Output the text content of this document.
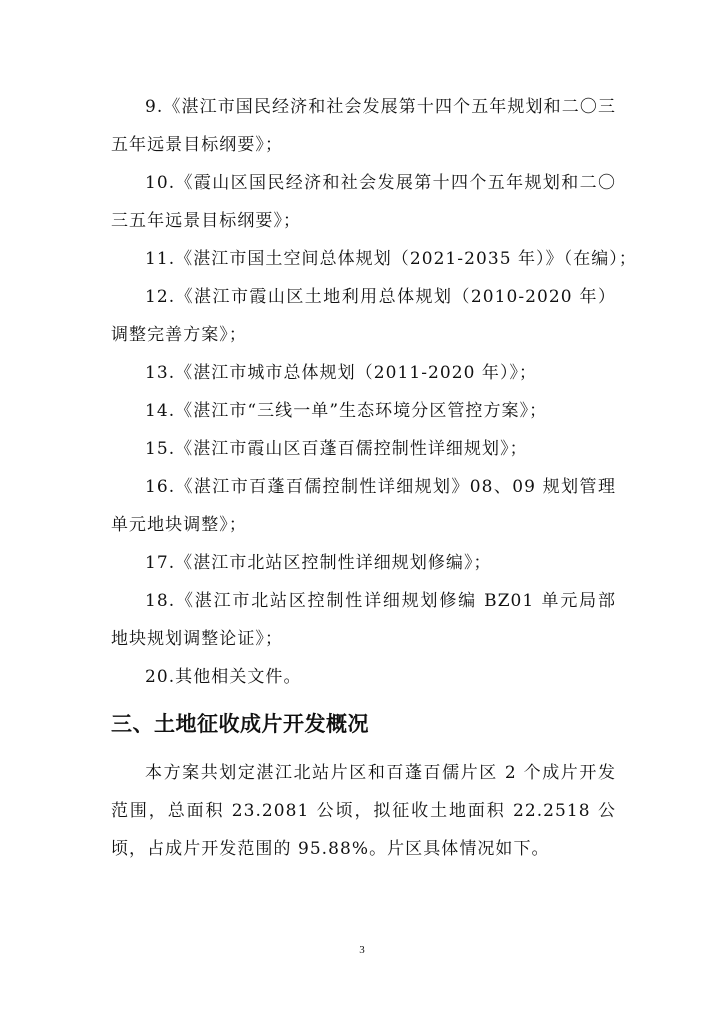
9.《湛江市国民经济和社会发展第十四个五年规划和二〇三五年远景目标纲要》；

10.《霞山区国民经济和社会发展第十四个五年规划和二〇三五年远景目标纲要》；

11.《湛江市国土空间总体规划（2021-2035 年）》（在编）；

12.《湛江市霞山区土地利用总体规划（2010-2020 年）调整完善方案》；

13.《湛江市城市总体规划（2011-2020 年）》；

14.《湛江市“三线一单”生态环境分区管控方案》；

15.《湛江市霞山区百蓬百儒控制性详细规划》；

16.《湛江市百蓬百儒控制性详细规划》08、09 规划管理单元地块调整》；

17.《湛江市北站区控制性详细规划修编》；

18.《湛江市北站区控制性详细规划修编 BZ01 单元局部地块规划调整论证》；

20.其他相关文件。

三、土地征收成片开发概况

本方案共划定湛江北站片区和百蓬百儒片区 2 个成片开发范围，总面积 23.2081 公顷，拟征收土地面积 22.2518 公顷，占成片开发范围的 95.88%。片区具体情况如下。

3
